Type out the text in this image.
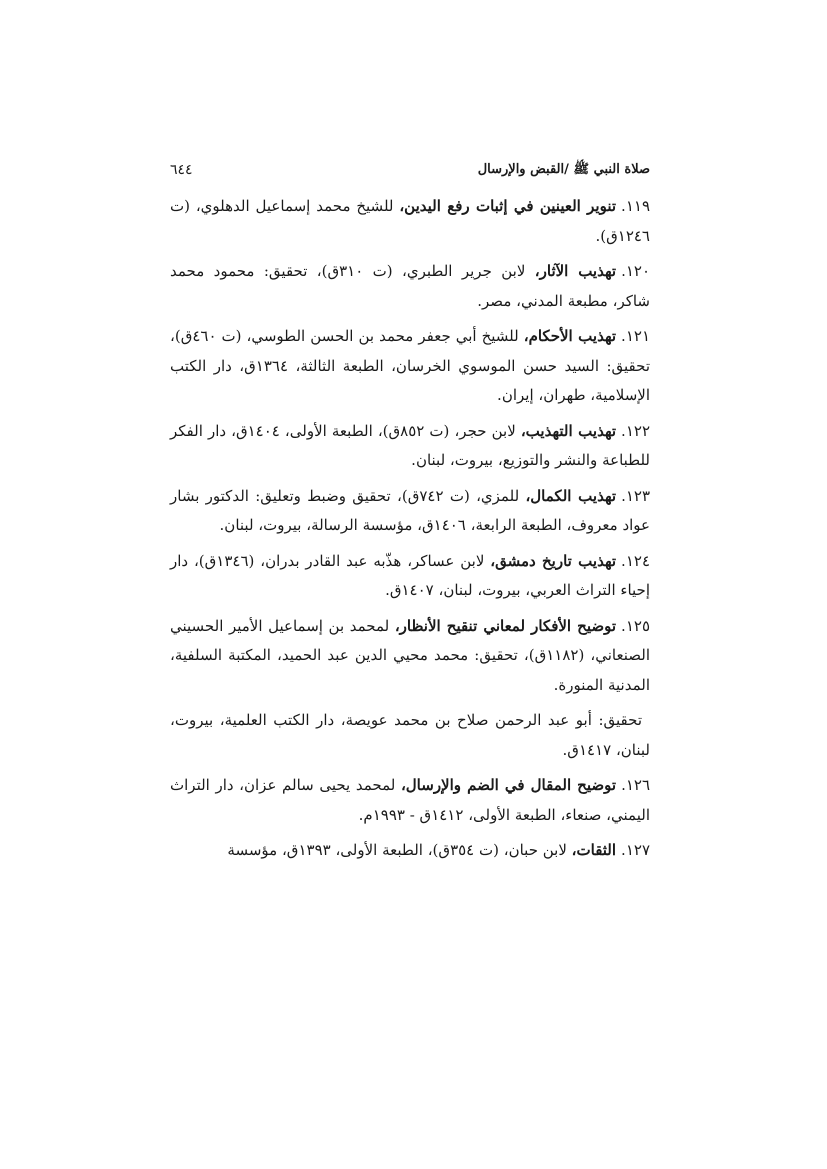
صلاة النبي ﷺ /القبض والإرسال
٦٤٤

١١٩.تنوير العينين في إثبات رفع اليدين، للشيخ محمد إسماعيل الدهلوي، (ت ١٢٤٦ق).

١٢٠.تهذيب الآثار، لابن جرير الطبري، (ت ٣١٠ق)، تحقيق: محمود محمد شاكر، مطبعة المدني، مصر.

١٢١.تهذيب الأحكام، للشيخ أبي جعفر محمد بن الحسن الطوسي، (ت ٤٦٠ق)، تحقيق: السيد حسن الموسوي الخرسان، الطبعة الثالثة، ١٣٦٤ق، دار الكتب الإسلامية، طهران، إيران.

١٢٢.تهذيب التهذيب، لابن حجر، (ت ٨٥٢ق)، الطبعة الأولى، ١٤٠٤ق، دار الفكر للطباعة والنشر والتوزيع، بيروت، لبنان.

١٢٣.تهذيب الكمال، للمزي، (ت ٧٤٢ق)، تحقيق وضبط وتعليق: الدكتور بشار عواد معروف، الطبعة الرابعة، ١٤٠٦ق، مؤسسة الرسالة، بيروت، لبنان.

١٢٤.تهذيب تاريخ دمشق، لابن عساكر، هذّبه عبد القادر بدران، (١٣٤٦ق)، دار إحياء التراث العربي، بيروت، لبنان، ١٤٠٧ق.

١٢٥.توضيح الأفكار لمعاني تنقيح الأنظار، لمحمد بن إسماعيل الأمير الحسيني الصنعاني، (١١٨٢ق)، تحقيق: محمد محيي الدين عبد الحميد، المكتبة السلفية، المدنية المنورة.

تحقيق: أبو عبد الرحمن صلاح بن محمد عويصة، دار الكتب العلمية، بيروت، لبنان، ١٤١٧ق.

١٢٦.توضيح المقال في الضم والإرسال، لمحمد يحيى سالم عزان، دار التراث اليمني، صنعاء، الطبعة الأولى، ١٤١٢ق - ١٩٩٣م.

١٢٧.الثقات، لابن حبان، (ت ٣٥٤ق)، الطبعة الأولى، ١٣٩٣ق، مؤسسة
